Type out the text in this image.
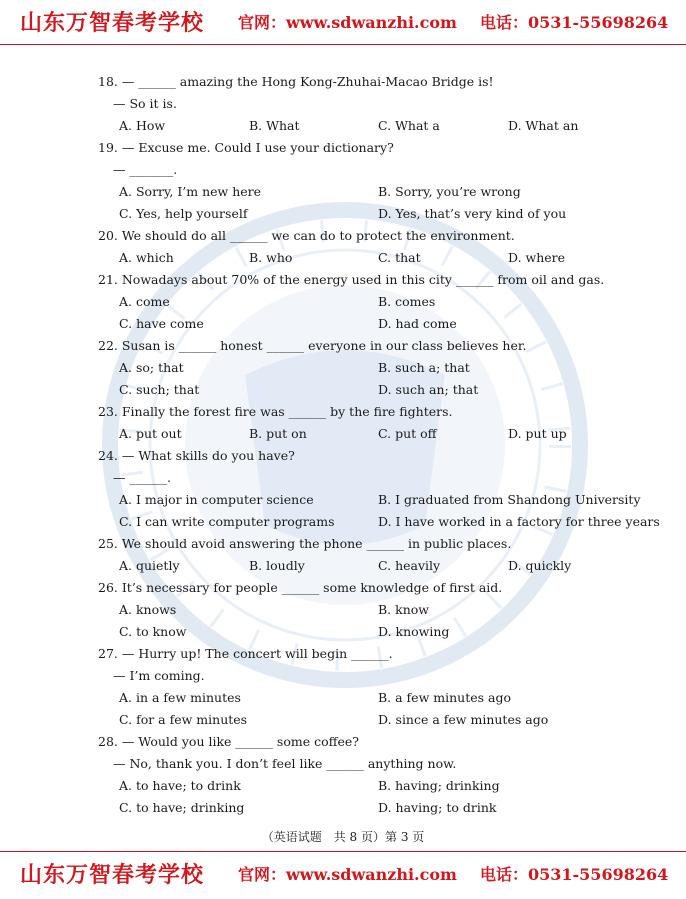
山东万智春考学校 官网：www.sdwanzhi.com 电话：0531-55698264
18. — ______ amazing the Hong Kong-Zhuhai-Macao Bridge is!
— So it is.
A. How	B. What	C. What a	D. What an
19. — Excuse me. Could I use your dictionary?
— _______.
A. Sorry, I’m new here	B. Sorry, you’re wrong
C. Yes, help yourself	D. Yes, that’s very kind of you
20. We should do all ______ we can do to protect the environment.
A. which	B. who	C. that	D. where
21. Nowadays about 70% of the energy used in this city ______ from oil and gas.
A. come	B. comes
C. have come	D. had come
22. Susan is ______ honest ______ everyone in our class believes her.
A. so; that	B. such a; that
C. such; that	D. such an; that
23. Finally the forest fire was ______ by the fire fighters.
A. put out	B. put on	C. put off	D. put up
24. — What skills do you have?
— ______.
A. I major in computer science	B. I graduated from Shandong University
C. I can write computer programs	D. I have worked in a factory for three years
25. We should avoid answering the phone ______ in public places.
A. quietly	B. loudly	C. heavily	D. quickly
26. It’s necessary for people ______ some knowledge of first aid.
A. knows	B. know
C. to know	D. knowing
27. — Hurry up! The concert will begin ______.
— I’m coming.
A. in a few minutes	B. a few minutes ago
C. for a few minutes	D. since a few minutes ago
28. — Would you like ______ some coffee?
— No, thank you. I don’t feel like ______ anything now.
A. to have; to drink	B. having; drinking
C. to have; drinking	D. having; to drink
（英语试题　共 8 页）第 3 页
山东万智春考学校 官网：www.sdwanzhi.com 电话：0531-55698264
